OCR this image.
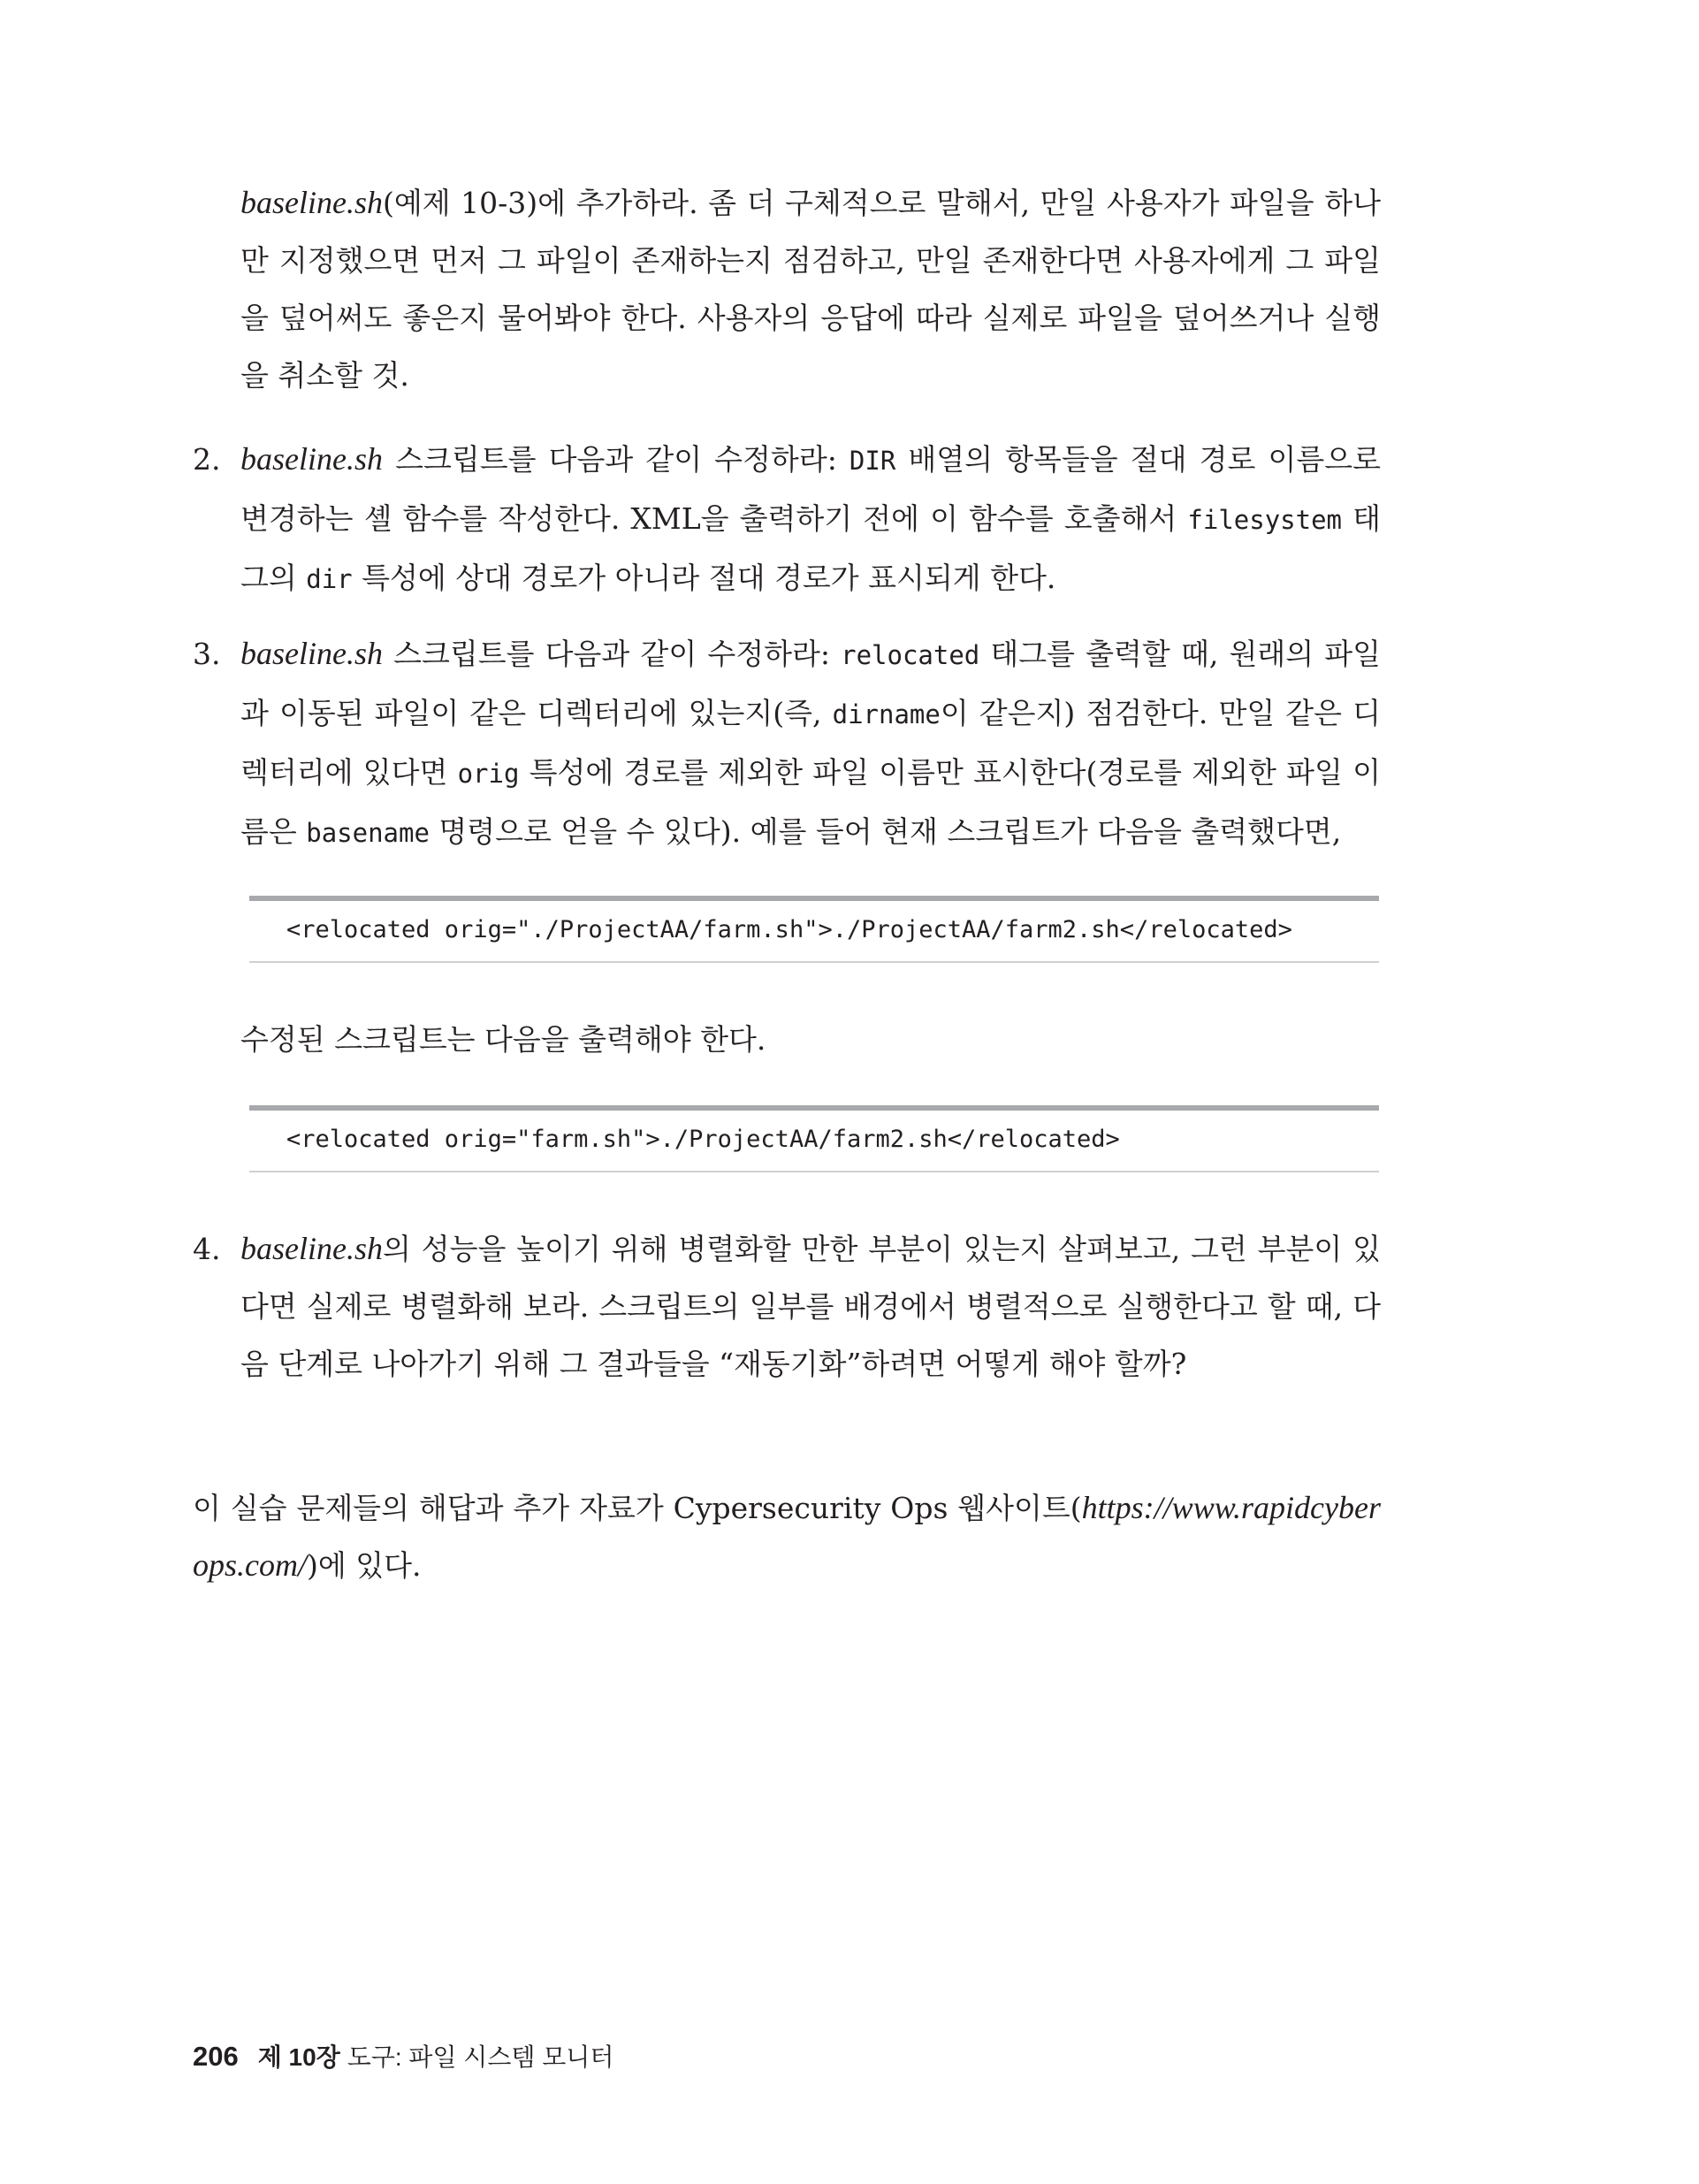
baseline.sh(예제 10-3)에 추가하라. 좀 더 구체적으로 말해서, 만일 사용자가 파일을 하나만 지정했으면 먼저 그 파일이 존재하는지 점검하고, 만일 존재한다면 사용자에게 그 파일을 덮어써도 좋은지 물어봐야 한다. 사용자의 응답에 따라 실제로 파일을 덮어쓰거나 실행을 취소할 것.

2. baseline.sh 스크립트를 다음과 같이 수정하라: DIR 배열의 항목들을 절대 경로 이름으로 변경하는 셸 함수를 작성한다. XML을 출력하기 전에 이 함수를 호출해서 filesystem 태그의 dir 특성에 상대 경로가 아니라 절대 경로가 표시되게 한다.
3. baseline.sh 스크립트를 다음과 같이 수정하라: relocated 태그를 출력할 때, 원래의 파일과 이동된 파일이 같은 디렉터리에 있는지(즉, dirname이 같은지) 점검한다. 만일 같은 디렉터리에 있다면 orig 특성에 경로를 제외한 파일 이름만 표시한다(경로를 제외한 파일 이름은 basename 명령으로 얻을 수 있다). 예를 들어 현재 스크립트가 다음을 출력했다면,
<relocated orig="./ProjectAA/farm.sh">./ProjectAA/farm2.sh</relocated>

수정된 스크립트는 다음을 출력해야 한다.

<relocated orig="farm.sh">./ProjectAA/farm2.sh</relocated>
4. baseline.sh의 성능을 높이기 위해 병렬화할 만한 부분이 있는지 살펴보고, 그런 부분이 있다면 실제로 병렬화해 보라. 스크립트의 일부를 배경에서 병렬적으로 실행한다고 할 때, 다음 단계로 나아가기 위해 그 결과들을 “재동기화”하려면 어떻게 해야 할까?

이 실습 문제들의 해답과 추가 자료가 Cypersecurity Ops 웹사이트(https://www.rapidcyberops.com/)에 있다.

206 제 10장 도구: 파일 시스템 모니터
